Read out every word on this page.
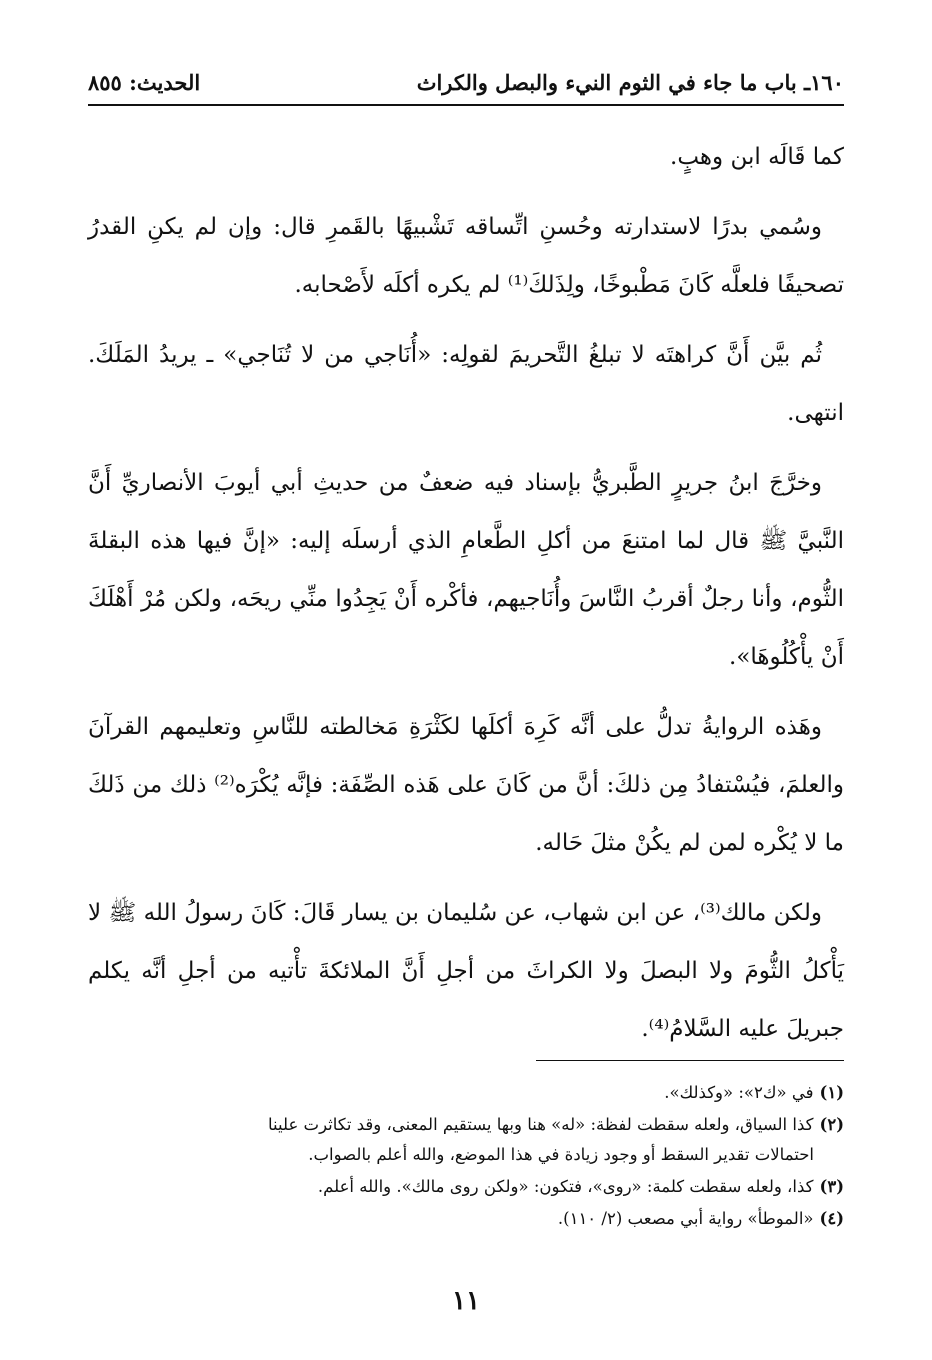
١٦٠ـ باب ما جاء في الثوم النيء والبصل والكراث
الحديث: ٨٥٥

كما قَالَه ابن وهبٍ.

وسُمي بدرًا لاستدارته وحُسنِ اتِّساقه تَشْبيهًا بالقَمرِ قال: وإن لم يكنِ القدرُ تصحيفًا فلعلَّه كَانَ مَطْبوخًا، ولِذَلكَ⁽¹⁾ لم يكره أكلَه لأَصْحابه.

ثُم بيَّن أَنَّ كراهتَه لا تبلغُ التَّحريمَ لقولِه: «أُنَاجي من لا تُنَاجي» ـ يريدُ المَلَكَ. انتهى.

وخرَّجَ ابنُ جريرٍ الطَّبريُّ بإسناد فيه ضعفٌ من حديثِ أبي أيوبَ الأنصاريِّ أَنَّ النَّبيَّ ﷺ قال لما امتنعَ من أكلِ الطَّعامِ الذي أرسلَه إليه: «إنَّ فيها هذه البقلةَ الثُّوم، وأنا رجلٌ أقربُ النَّاسَ وأُنَاجيهم، فأكْره أَنْ يَجِدُوا منِّي ريحَه، ولكن مُرْ أَهْلَكَ أَنْ يأْكُلُوهَا».

وهَذه الروايةُ تدلُّ على أنَّه كَرِهَ أكلَها لكَثْرَةِ مَخالطته للنَّاسِ وتعليمهم القرآنَ والعلمَ، فيُسْتفادُ مِن ذلكَ: أنَّ من كَانَ على هَذه الصِّفَة: فإنَّه يُكْرَه⁽²⁾ ذلك من ذَلكَ ما لا يُكْره لمن لم يكُنْ مثلَ حَاله.

ولكن مالك⁽³⁾، عن ابن شهاب، عن سُليمان بن يسار قَالَ: كَانَ رسولُ الله ﷺ لا يَأْكلُ الثُّومَ ولا البصلَ ولا الكراثَ من أجلِ أَنَّ الملائكةَ تأْتيه من أجلِ أنَّه يكلم جبريلَ عليه السَّلامُ⁽⁴⁾.

(١)في «ك٢»: «وكذلك».
(٢)كذا السياق، ولعله سقطت لفظة: «له» هنا وبها يستقيم المعنى، وقد تكاثرت علينا
احتمالات تقدير السقط أو وجود زيادة في هذا الموضع، والله أعلم بالصواب.
(٣)كذا، ولعله سقطت كلمة: «روى»، فتكون: «ولكن روى مالك». والله أعلم.
(٤)«الموطأ» رواية أبي مصعب (٢/ ١١٠).
١١
